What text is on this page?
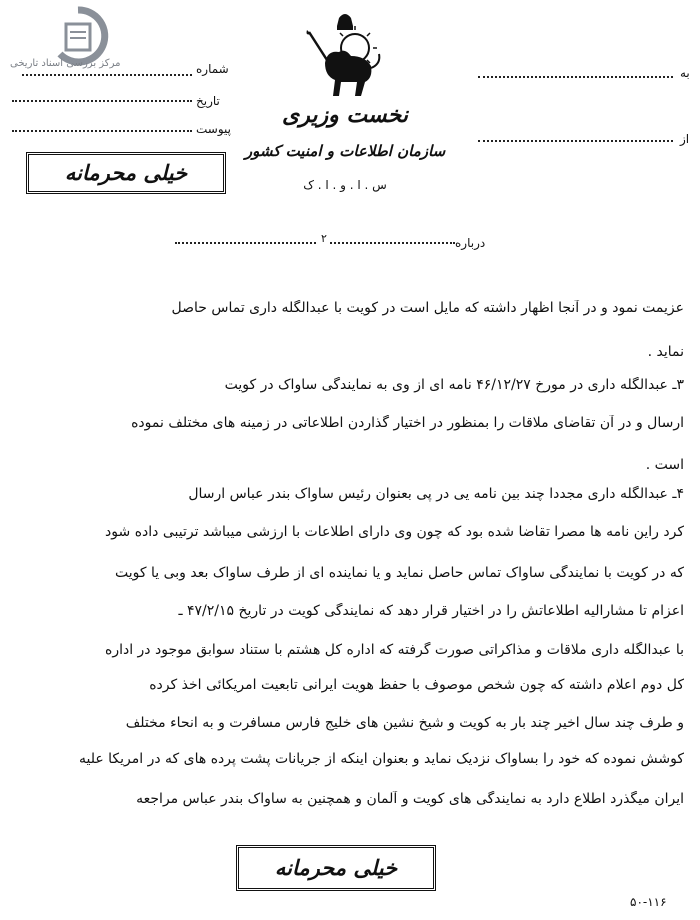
مرکز بررسی اسناد تاریخی	شماره
تاریخ
پیوست
به
از
نخست وزیری
سازمان اطلاعات و امنیت کشور
س . ا . و . ا . ک
خیلی محرمانه
درباره
۲
عزیمت نمود و در آنجا اظهار داشته که مایل است در کویت با عبدالگله داری تماس حاصل
نماید .
۳ـ عبدالگله داری در مورخ ۴۶/۱۲/۲۷ نامه ای از وی به نمایندگی ساواک در کویت
ارسال و در آن تقاضای ملاقات را بمنظور در اختیار گذاردن اطلاعاتی در زمینه های مختلف نموده
است .
۴ـ عبدالگله داری مجددا چند بین نامه یی در پی بعنوان رئیس ساواک بندر عباس ارسال
کرد راین نامه ها مصرا تقاضا شده بود که چون وی دارای اطلاعات با ارزشی میباشد ترتیبی داده شود
که در کویت با نمایندگی ساواک تماس حاصل نماید و یا نماینده ای از طرف ساواک بعد وبی یا کویت
اعزام تا مشارالیه اطلاعاتش را در اختیار قرار دهد که نمایندگی کویت در تاریخ ۴۷/۲/۱۵ ـ
با عبدالگله داری ملاقات و مذاکراتی صورت گرفته که اداره کل هشتم با ستناد سوابق موجود در اداره
کل دوم اعلام داشته که چون شخص موصوف با حفظ هویت ایرانی تابعیت امریکائی اخذ کرده
و طرف چند سال اخیر چند بار به کویت و شیخ نشین های خلیج فارس مسافرت و به انحاء مختلف
کوشش نموده که خود را بساواک نزدیک نماید و بعنوان اینکه از جریانات پشت پرده های که در امریکا علیه
ایران میگذرد اطلاع دارد به نمایندگی های کویت و آلمان و همچنین به ساواک بندر عباس مراجعه
خیلی محرمانه
۵۰-۱۱۶
